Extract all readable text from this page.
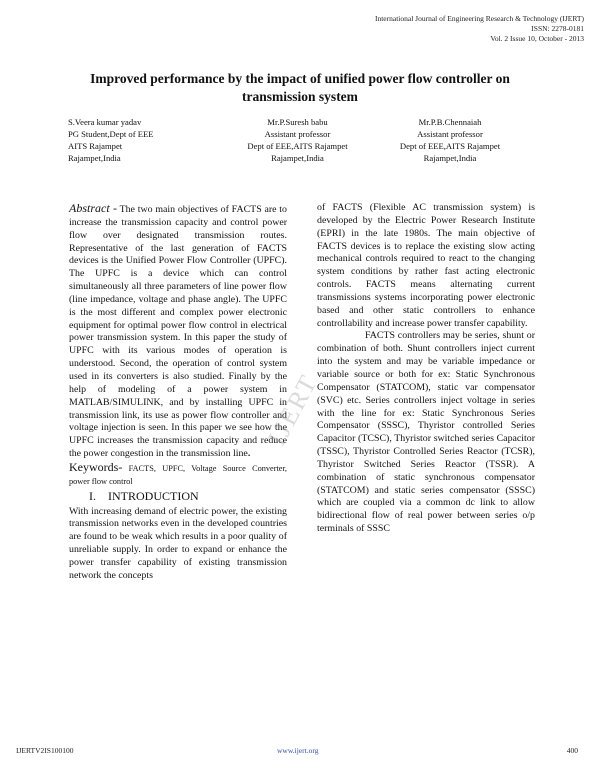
International Journal of Engineering Research & Technology (IJERT)
ISSN: 2278-0181
Vol. 2 Issue 10, October - 2013
Improved performance by the impact of unified power flow controller on transmission system
S.Veera kumar yadav
PG Student,Dept of EEE
AITS Rajampet
Rajampet,India
Mr.P.Suresh babu
Assistant professor
Dept of EEE,AITS Rajampet
Rajampet,India
Mr.P.B.Chennaiah
Assistant professor
Dept of EEE,AITS Rajampet
Rajampet,India

Abstract - The two main objectives of FACTS are to increase the transmission capacity and control power flow over designated transmission routes. Representative of the last generation of FACTS devices is the Unified Power Flow Controller (UPFC). The UPFC is a device which can control simultaneously all three parameters of line power flow (line impedance, voltage and phase angle). The UPFC is the most different and complex power electronic equipment for optimal power flow control in electrical power transmission system. In this paper the study of UPFC with its various modes of operation is understood. Second, the operation of control system used in its converters is also studied. Finally by the help of modeling of a power system in MATLAB/SIMULINK, and by installing UPFC in transmission link, its use as power flow controller and voltage injection is seen. In this paper we see how the UPFC increases the transmission capacity and reduce the power congestion in the transmission line.

Keywords- FACTS, UPFC, Voltage Source Converter, power flow control

I.    INTRODUCTION

With increasing demand of electric power, the existing transmission networks even in the developed countries are found to be weak which results in a poor quality of unreliable supply. In order to expand or enhance the power transfer capability of existing transmission network the concepts

of FACTS (Flexible AC transmission system) is developed by the Electric Power Research Institute (EPRI) in the late 1980s. The main objective of FACTS devices is to replace the existing slow acting mechanical controls required to react to the changing system conditions by rather fast acting electronic controls. FACTS means alternating current transmissions systems incorporating power electronic based and other static controllers to enhance controllability and increase power transfer capability.

FACTS controllers may be series, shunt or combination of both. Shunt controllers inject current into the system and may be variable impedance or variable source or both for ex: Static Synchronous Compensator (STATCOM), static var compensator (SVC) etc. Series controllers inject voltage in series with the line for ex: Static Synchronous Series Compensator (SSSC), Thyristor controlled Series Capacitor (TCSC), Thyristor switched series Capacitor (TSSC), Thyristor Controlled Series Reactor (TCSR), Thyristor Switched Series Reactor (TSSR). A combination of static synchronous compensator (STATCOM) and static series compensator (SSSC) which are coupled via a common dc link to allow bidirectional flow of real power between series o/p terminals of SSSC

IJERT
IJERTV2IS100100	www.ijert.org	400
